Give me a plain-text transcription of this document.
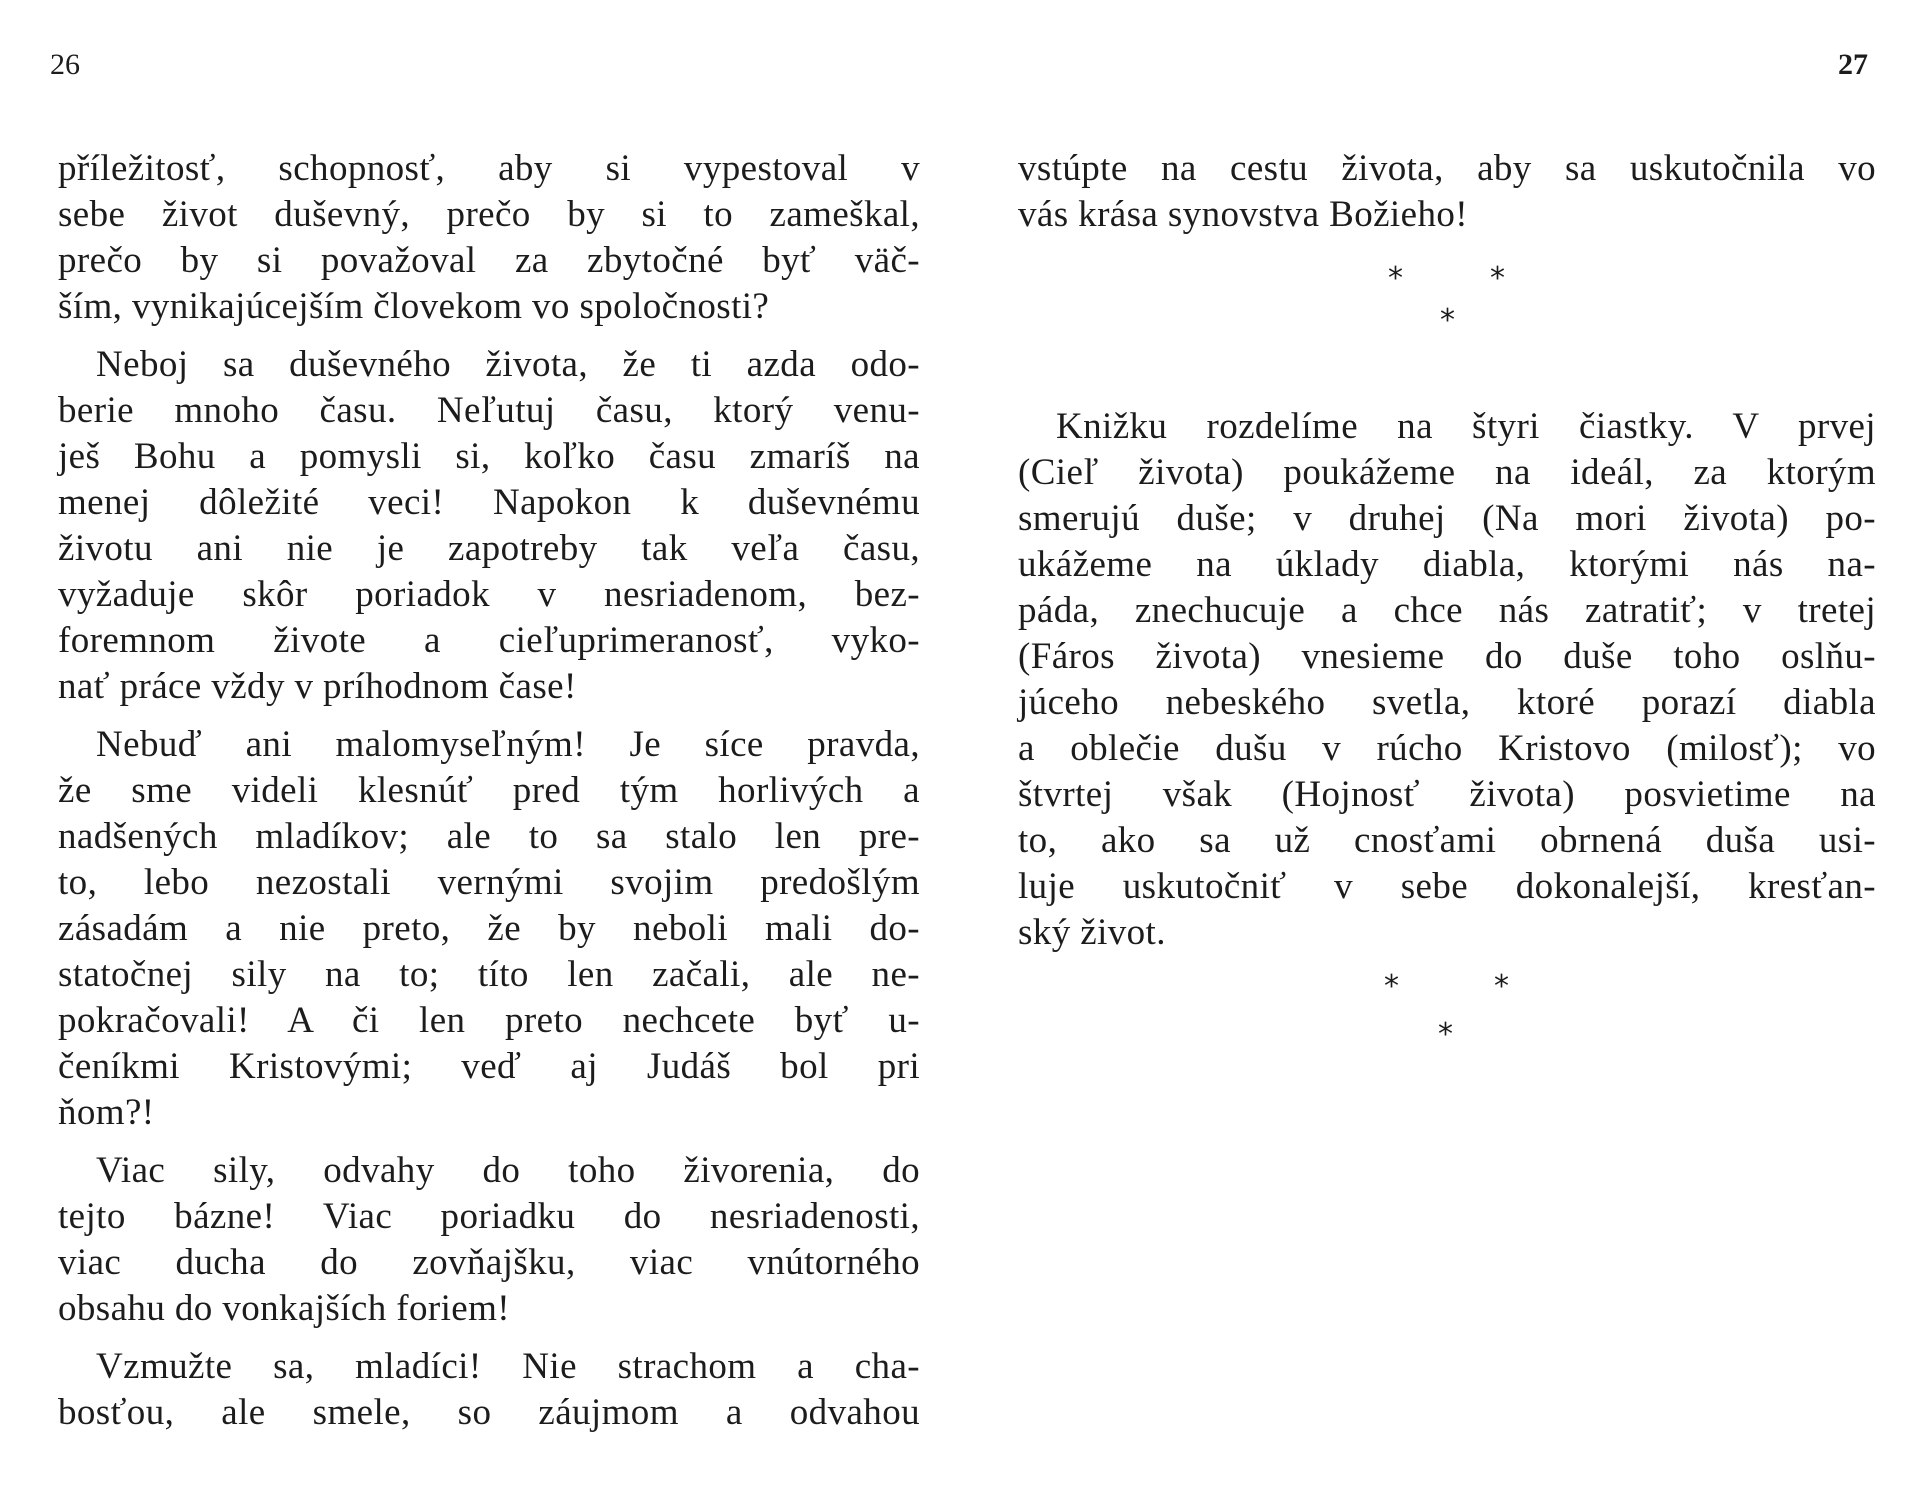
26	27
příležitosť, schopnosť, aby si vypestoval v
sebe život duševný, prečo by si to zameškal,
prečo by si považoval za zbytočné byť väč-
ším, vynikajúcejším človekom vo spoločnosti?
Neboj sa duševného života, že ti azda odo-
berie mnoho času. Neľutuj času, ktorý venu-
ješ Bohu a pomysli si, koľko času zmaríš na
menej dôležité veci! Napokon k duševnému
životu ani nie je zapotreby tak veľa času,
vyžaduje skôr poriadok v nesriadenom, bez-
foremnom živote a cieľuprimeranosť, vyko-
nať práce vždy v príhodnom čase!
Nebuď ani malomyseľným! Je síce pravda,
že sme videli klesnúť pred tým horlivých a
nadšených mladíkov; ale to sa stalo len pre-
to, lebo nezostali vernými svojim predošlým
zásadám a nie preto, že by neboli mali do-
statočnej sily na to; títo len začali, ale ne-
pokračovali! A či len preto nechcete byť u-
čeníkmi Kristovými; veď aj Judáš bol pri
ňom?!
Viac sily, odvahy do toho živorenia, do
tejto bázne! Viac poriadku do nesriadenosti,
viac ducha do zovňajšku, viac vnútorného
obsahu do vonkajších foriem!
Vzmužte sa, mladíci! Nie strachom a cha-
bosťou, ale smele, so záujmom a odvahou
vstúpte na cestu života, aby sa uskutočnila vo
vás krása synovstva Božieho!
*	*
*
Knižku rozdelíme na štyri čiastky. V prvej
(Cieľ života) poukážeme na ideál, za ktorým
smerujú duše; v druhej (Na mori života) po-
ukážeme na úklady diabla, ktorými nás na-
páda, znechucuje a chce nás zatratiť; v tretej
(Fáros života) vnesieme do duše toho oslňu-
júceho nebeského svetla, ktoré porazí diabla
a oblečie dušu v rúcho Kristovo (milosť); vo
štvrtej však (Hojnosť života) posvietime na
to, ako sa už cnosťami obrnená duša usi-
luje uskutočniť v sebe dokonalejší, kresťan-
ský život.
*	*
*
